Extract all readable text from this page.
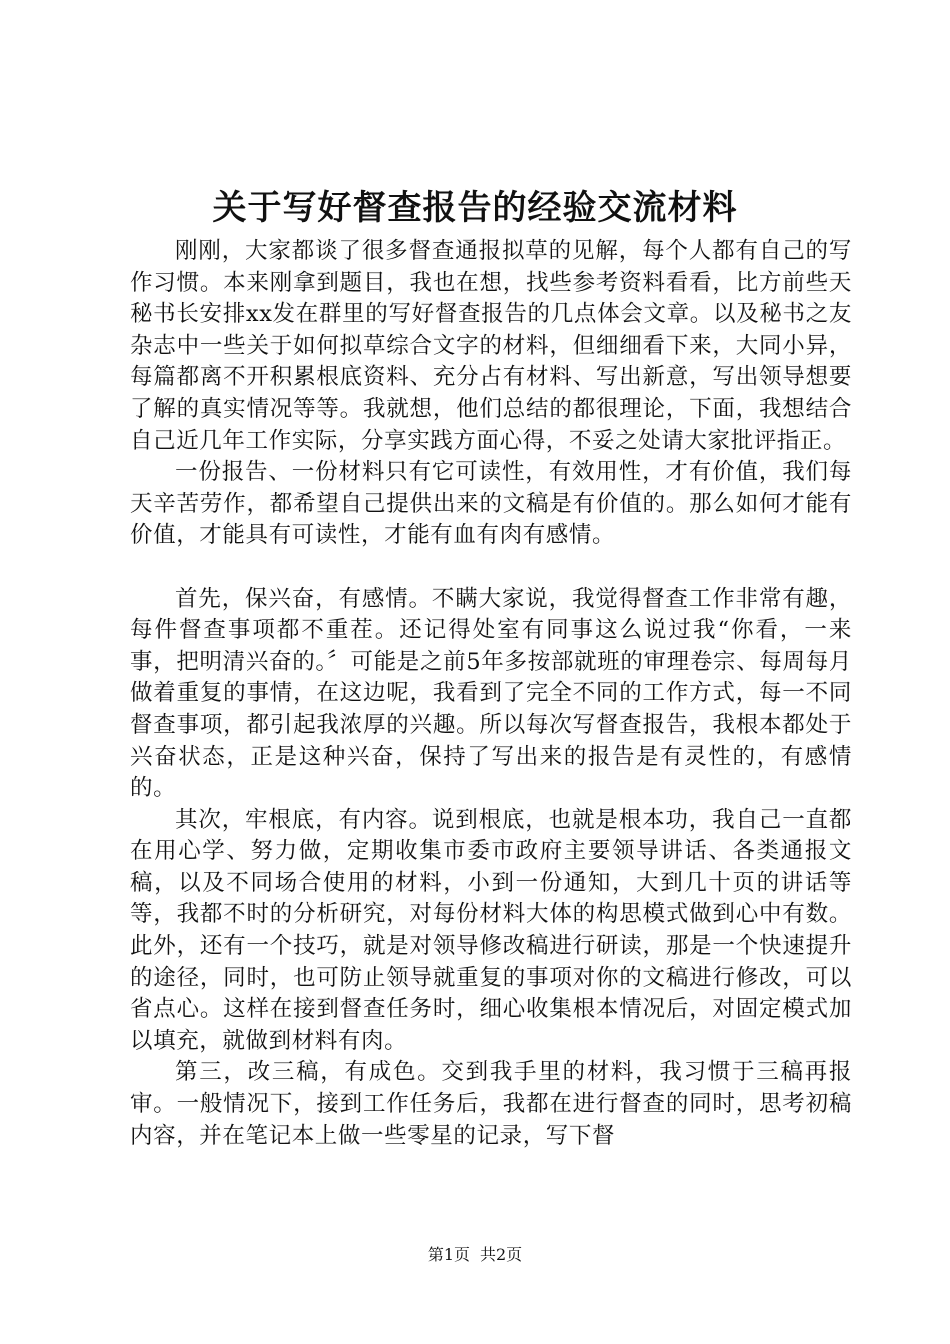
关于写好督查报告的经验交流材料

刚刚，大家都谈了很多督查通报拟草的见解，每个人都有自己的写作习惯。本来刚拿到题目，我也在想，找些参考资料看看，比方前些天秘书长安排xx发在群里的写好督查报告的几点体会文章。以及秘书之友杂志中一些关于如何拟草综合文字的材料，但细细看下来，大同小异，每篇都离不开积累根底资料、充分占有材料、写出新意，写出领导想要了解的真实情况等等。我就想，他们总结的都很理论，下面，我想结合自己近几年工作实际，分享实践方面心得，不妥之处请大家批评指正。

一份报告、一份材料只有它可读性，有效用性，才有价值，我们每天辛苦劳作，都希望自己提供出来的文稿是有价值的。那么如何才能有价值，才能具有可读性，才能有血有肉有感情。

首先，保兴奋，有感情。不瞒大家说，我觉得督查工作非常有趣，每件督查事项都不重茬。还记得处室有同事这么说过我“你看，一来事，把明清兴奋的。〞可能是之前5年多按部就班的审理卷宗、每周每月做着重复的事情，在这边呢，我看到了完全不同的工作方式，每一不同督查事项，都引起我浓厚的兴趣。所以每次写督查报告，我根本都处于兴奋状态，正是这种兴奋，保持了写出来的报告是有灵性的，有感情的。

其次，牢根底，有内容。说到根底，也就是根本功，我自己一直都在用心学、努力做，定期收集市委市政府主要领导讲话、各类通报文稿，以及不同场合使用的材料，小到一份通知，大到几十页的讲话等等，我都不时的分析研究，对每份材料大体的构思模式做到心中有数。此外，还有一个技巧，就是对领导修改稿进行研读，那是一个快速提升的途径，同时，也可防止领导就重复的事项对你的文稿进行修改，可以省点心。这样在接到督查任务时，细心收集根本情况后，对固定模式加以填充，就做到材料有肉。

第三，改三稿，有成色。交到我手里的材料，我习惯于三稿再报审。一般情况下，接到工作任务后，我都在进行督查的同时，思考初稿内容，并在笔记本上做一些零星的记录，写下督

第1页 共2页
